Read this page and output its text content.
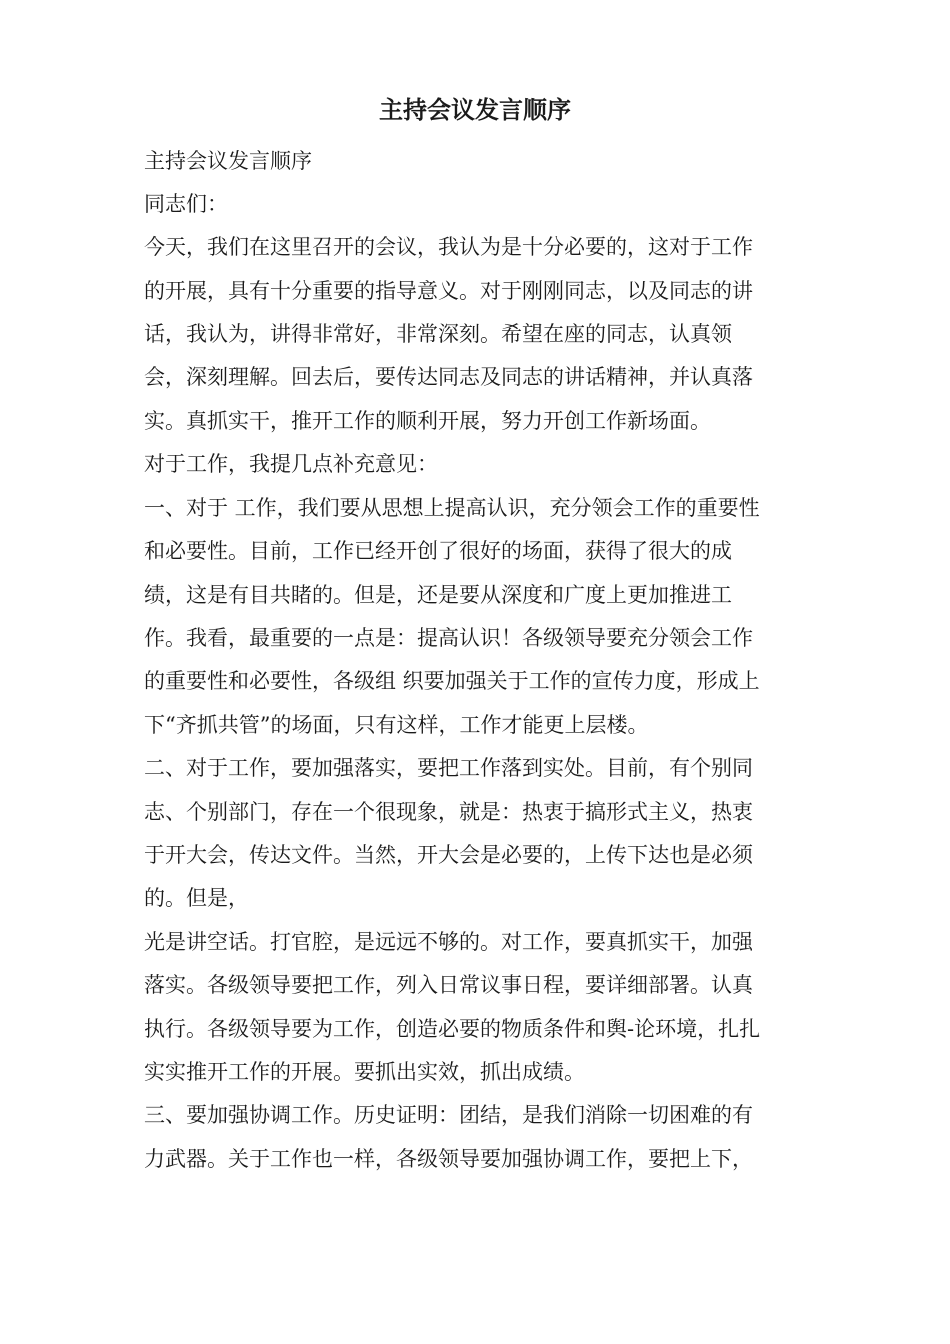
主持会议发言顺序

主持会议发言顺序

同志们：

今天，我们在这里召开的会议，我认为是十分必要的，这对于工作

的开展，具有十分重要的指导意义。对于刚刚同志，以及同志的讲

话，我认为，讲得非常好，非常深刻。希望在座的同志，认真领

会，深刻理解。回去后，要传达同志及同志的讲话精神，并认真落

实。真抓实干，推开工作的顺利开展，努力开创工作新场面。

对于工作，我提几点补充意见：

一、对于 工作，我们要从思想上提高认识，充分领会工作的重要性

和必要性。目前，工作已经开创了很好的场面，获得了很大的成

绩，这是有目共睹的。但是，还是要从深度和广度上更加推进工

作。我看，最重要的一点是：提高认识！各级领导要充分领会工作

的重要性和必要性，各级组 织要加强关于工作的宣传力度，形成上

下“齐抓共管”的场面，只有这样，工作才能更上层楼。

二、对于工作，要加强落实，要把工作落到实处。目前，有个别同

志、个别部门，存在一个很现象，就是：热衷于搞形式主义，热衷

于开大会，传达文件。当然，开大会是必要的，上传下达也是必须

的。但是，

光是讲空话。打官腔，是远远不够的。对工作，要真抓实干，加强

落实。各级领导要把工作，列入日常议事日程，要详细部署。认真

执行。各级领导要为工作，创造必要的物质条件和舆-论环境，扎扎

实实推开工作的开展。要抓出实效，抓出成绩。

三、要加强协调工作。历史证明：团结，是我们消除一切困难的有

力武器。关于工作也一样，各级领导要加强协调工作，要把上下，
